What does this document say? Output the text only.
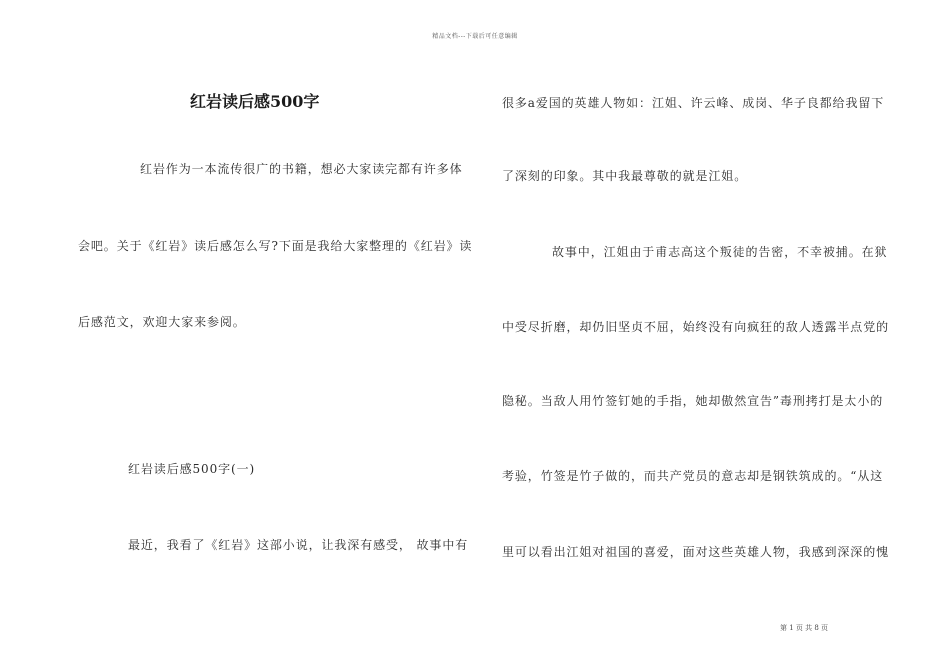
精品文档---下载后可任意编辑
红岩读后感500字
红岩作为一本流传很广的书籍，想必大家读完都有许多体
会吧。关于《红岩》读后感怎么写?下面是我给大家整理的《红岩》读
后感范文，欢迎大家来参阅。
红岩读后感500字(一)
最近，我看了《红岩》这部小说，让我深有感受， 故事中有
很多a爱国的英雄人物如：江姐、许云峰、成岗、华子良都给我留下
了深刻的印象。其中我最尊敬的就是江姐。
故事中，江姐由于甫志高这个叛徒的告密，不幸被捕。在狱
中受尽折磨，却仍旧坚贞不屈，始终没有向疯狂的敌人透露半点党的
隐秘。当敌人用竹签钉她的手指，她却傲然宣告”毒刑拷打是太小的
考验，竹签是竹子做的，而共产党员的意志却是钢铁筑成的。“从这
里可以看出江姐对祖国的喜爱，面对这些英雄人物，我感到深深的愧
第 1 页 共 8 页
